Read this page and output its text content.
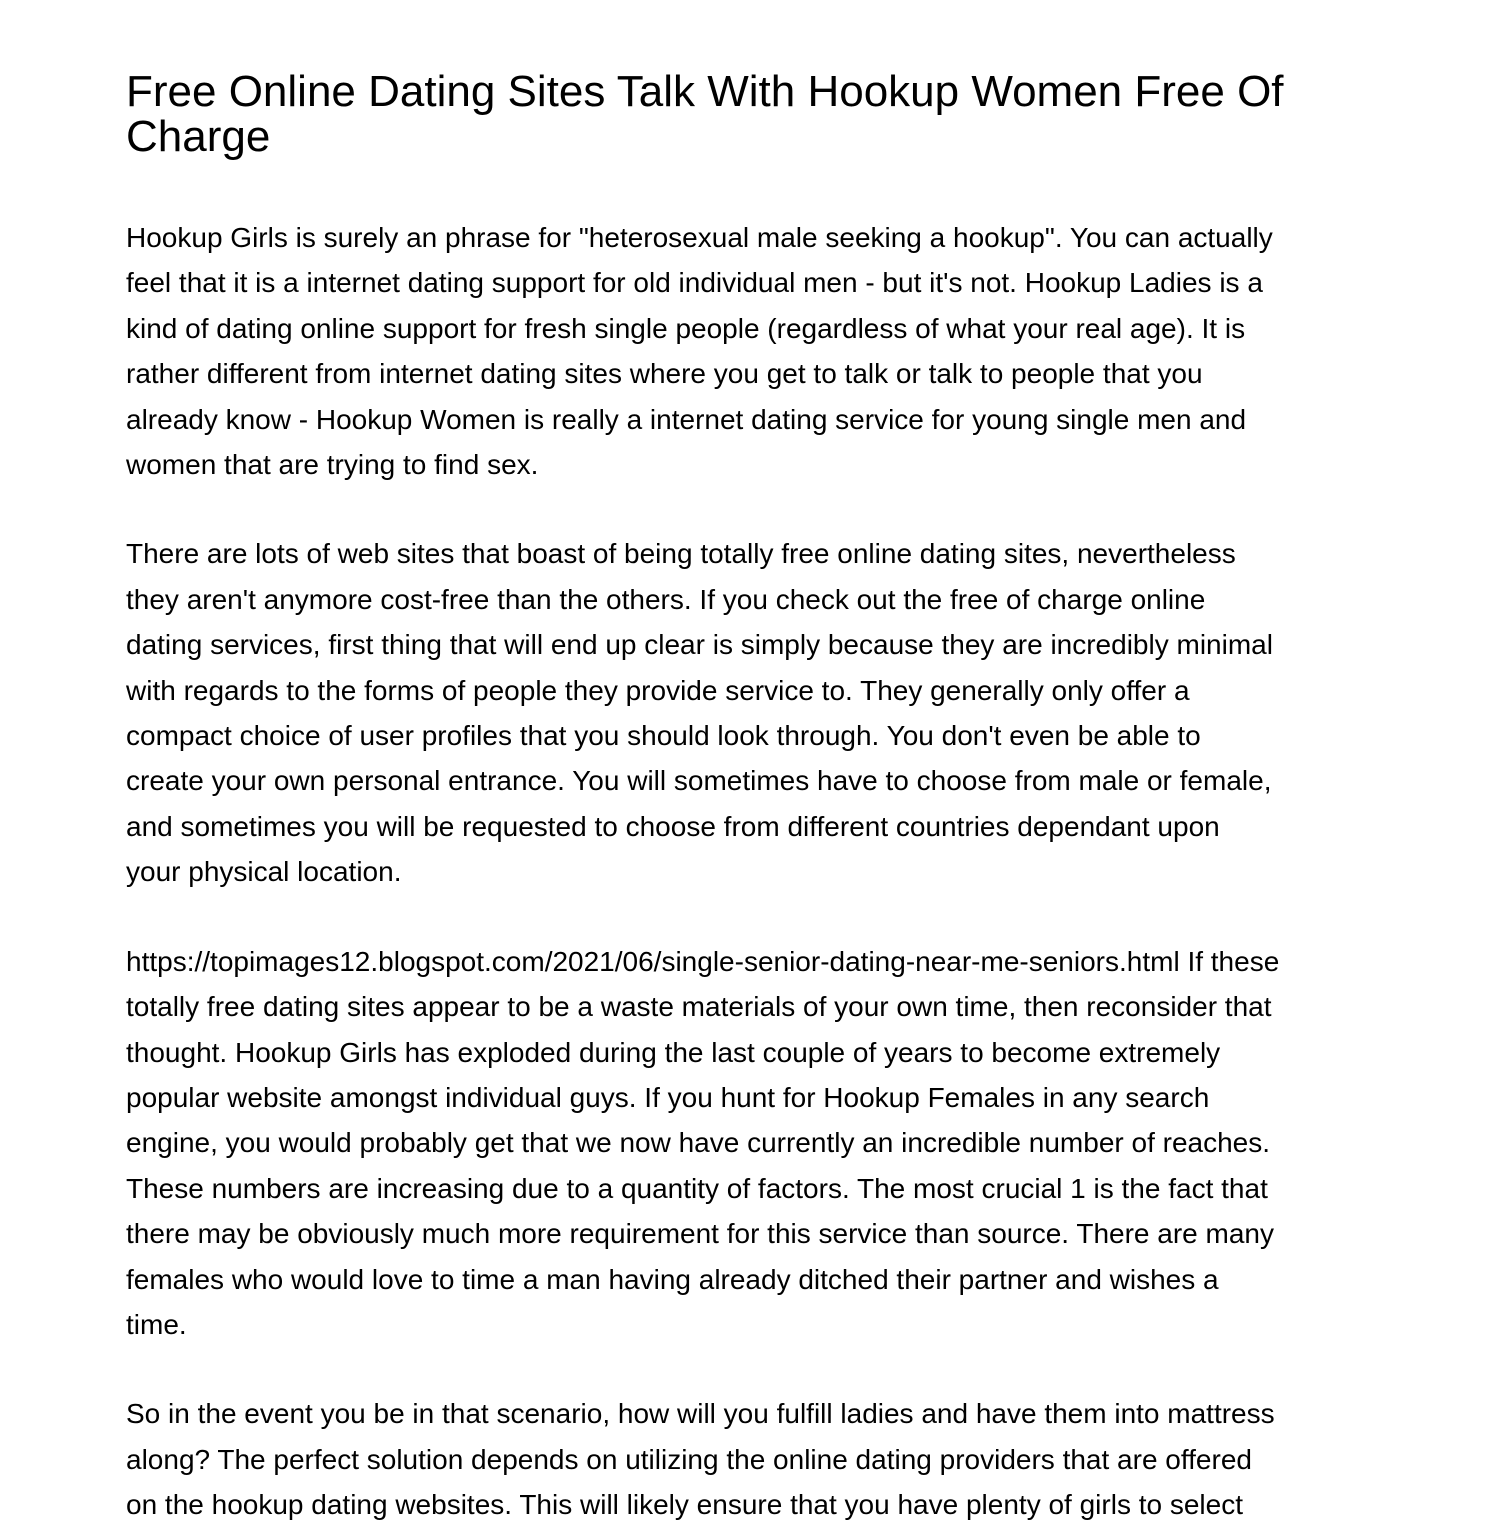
Free Online Dating Sites Talk With Hookup Women Free Of
Charge

Hookup Girls is surely an phrase for "heterosexual male seeking a hookup". You can actually
feel that it is a internet dating support for old individual men - but it's not. Hookup Ladies is a
kind of dating online support for fresh single people (regardless of what your real age). It is
rather different from internet dating sites where you get to talk or talk to people that you
already know - Hookup Women is really a internet dating service for young single men and
women that are trying to find sex.

There are lots of web sites that boast of being totally free online dating sites, nevertheless
they aren't anymore cost-free than the others. If you check out the free of charge online
dating services, first thing that will end up clear is simply because they are incredibly minimal
with regards to the forms of people they provide service to. They generally only offer a
compact choice of user profiles that you should look through. You don't even be able to
create your own personal entrance. You will sometimes have to choose from male or female,
and sometimes you will be requested to choose from different countries dependant upon
your physical location.

https://topimages12.blogspot.com/2021/06/single-senior-dating-near-me-seniors.html If these
totally free dating sites appear to be a waste materials of your own time, then reconsider that
thought. Hookup Girls has exploded during the last couple of years to become extremely
popular website amongst individual guys. If you hunt for Hookup Females in any search
engine, you would probably get that we now have currently an incredible number of reaches.
These numbers are increasing due to a quantity of factors. The most crucial 1 is the fact that
there may be obviously much more requirement for this service than source. There are many
females who would love to time a man having already ditched their partner and wishes a
time.

So in the event you be in that scenario, how will you fulfill ladies and have them into mattress
along? The perfect solution depends on utilizing the online dating providers that are offered
on the hookup dating websites. This will likely ensure that you have plenty of girls to select
